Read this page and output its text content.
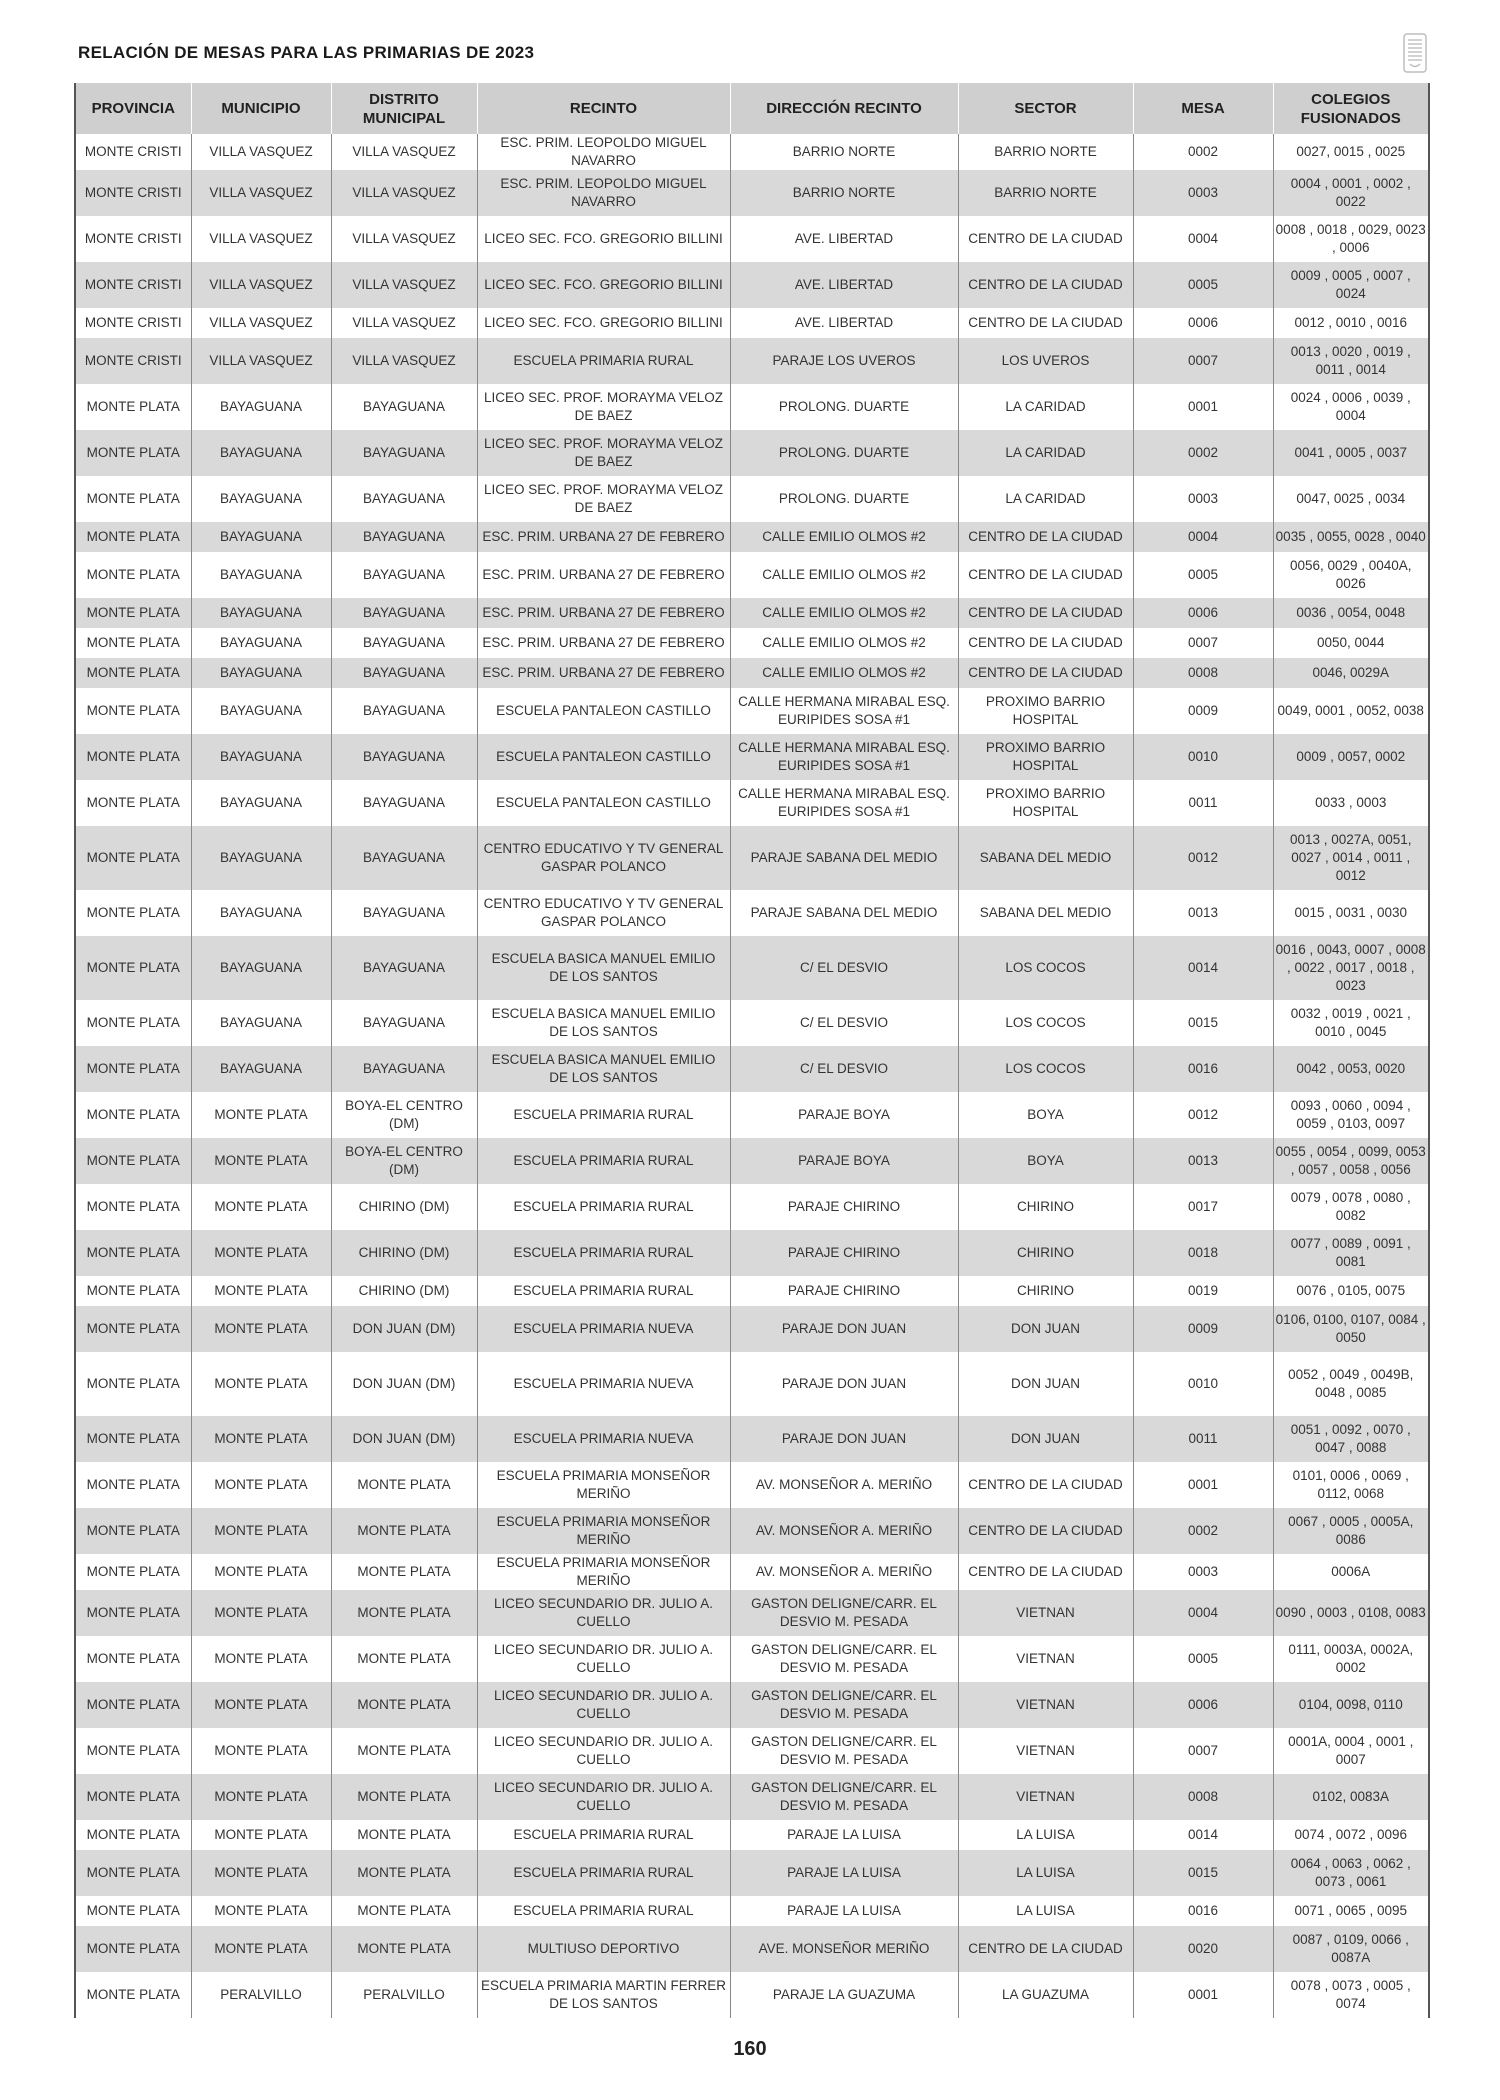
RELACIÓN DE MESAS PARA LAS PRIMARIAS DE 2023
PROVINCIA	MUNICIPIO	DISTRITO MUNICIPAL	RECINTO	DIRECCIÓN RECINTO	SECTOR	MESA	COLEGIOS FUSIONADOS
MONTE CRISTI	VILLA VASQUEZ	VILLA VASQUEZ	ESC. PRIM. LEOPOLDO MIGUEL NAVARRO	BARRIO NORTE	BARRIO NORTE	0002	0027, 0015 , 0025
MONTE CRISTI	VILLA VASQUEZ	VILLA VASQUEZ	ESC. PRIM. LEOPOLDO MIGUEL NAVARRO	BARRIO NORTE	BARRIO NORTE	0003	0004 , 0001 , 0002 , 0022
MONTE CRISTI	VILLA VASQUEZ	VILLA VASQUEZ	LICEO SEC. FCO. GREGORIO BILLINI	AVE. LIBERTAD	CENTRO DE LA CIUDAD	0004	0008 , 0018 , 0029, 0023 , 0006
MONTE CRISTI	VILLA VASQUEZ	VILLA VASQUEZ	LICEO SEC. FCO. GREGORIO BILLINI	AVE. LIBERTAD	CENTRO DE LA CIUDAD	0005	0009 , 0005 , 0007 , 0024
MONTE CRISTI	VILLA VASQUEZ	VILLA VASQUEZ	LICEO SEC. FCO. GREGORIO BILLINI	AVE. LIBERTAD	CENTRO DE LA CIUDAD	0006	0012 , 0010 , 0016
MONTE CRISTI	VILLA VASQUEZ	VILLA VASQUEZ	ESCUELA PRIMARIA RURAL	PARAJE LOS UVEROS	LOS UVEROS	0007	0013 , 0020 , 0019 , 0011 , 0014
MONTE PLATA	BAYAGUANA	BAYAGUANA	LICEO SEC. PROF. MORAYMA VELOZ DE BAEZ	PROLONG. DUARTE	LA CARIDAD	0001	0024 , 0006 , 0039 , 0004
MONTE PLATA	BAYAGUANA	BAYAGUANA	LICEO SEC. PROF. MORAYMA VELOZ DE BAEZ	PROLONG. DUARTE	LA CARIDAD	0002	0041 , 0005 , 0037
MONTE PLATA	BAYAGUANA	BAYAGUANA	LICEO SEC. PROF. MORAYMA VELOZ DE BAEZ	PROLONG. DUARTE	LA CARIDAD	0003	0047, 0025 , 0034
MONTE PLATA	BAYAGUANA	BAYAGUANA	ESC. PRIM. URBANA 27 DE FEBRERO	CALLE EMILIO OLMOS #2	CENTRO DE LA CIUDAD	0004	0035 , 0055, 0028 , 0040
MONTE PLATA	BAYAGUANA	BAYAGUANA	ESC. PRIM. URBANA 27 DE FEBRERO	CALLE EMILIO OLMOS #2	CENTRO DE LA CIUDAD	0005	0056, 0029 , 0040A, 0026
MONTE PLATA	BAYAGUANA	BAYAGUANA	ESC. PRIM. URBANA 27 DE FEBRERO	CALLE EMILIO OLMOS #2	CENTRO DE LA CIUDAD	0006	0036 , 0054, 0048
MONTE PLATA	BAYAGUANA	BAYAGUANA	ESC. PRIM. URBANA 27 DE FEBRERO	CALLE EMILIO OLMOS #2	CENTRO DE LA CIUDAD	0007	0050, 0044
MONTE PLATA	BAYAGUANA	BAYAGUANA	ESC. PRIM. URBANA 27 DE FEBRERO	CALLE EMILIO OLMOS #2	CENTRO DE LA CIUDAD	0008	0046, 0029A
MONTE PLATA	BAYAGUANA	BAYAGUANA	ESCUELA PANTALEON CASTILLO	CALLE HERMANA MIRABAL ESQ. EURIPIDES SOSA #1	PROXIMO BARRIO HOSPITAL	0009	0049, 0001 , 0052, 0038
MONTE PLATA	BAYAGUANA	BAYAGUANA	ESCUELA PANTALEON CASTILLO	CALLE HERMANA MIRABAL ESQ. EURIPIDES SOSA #1	PROXIMO BARRIO HOSPITAL	0010	0009 , 0057, 0002
MONTE PLATA	BAYAGUANA	BAYAGUANA	ESCUELA PANTALEON CASTILLO	CALLE HERMANA MIRABAL ESQ. EURIPIDES SOSA #1	PROXIMO BARRIO HOSPITAL	0011	0033 , 0003
MONTE PLATA	BAYAGUANA	BAYAGUANA	CENTRO EDUCATIVO Y TV GENERAL GASPAR POLANCO	PARAJE SABANA DEL MEDIO	SABANA DEL MEDIO	0012	0013 , 0027A, 0051, 0027 , 0014 , 0011 , 0012
MONTE PLATA	BAYAGUANA	BAYAGUANA	CENTRO EDUCATIVO Y TV GENERAL GASPAR POLANCO	PARAJE SABANA DEL MEDIO	SABANA DEL MEDIO	0013	0015 , 0031 , 0030
MONTE PLATA	BAYAGUANA	BAYAGUANA	ESCUELA BASICA MANUEL EMILIO DE LOS SANTOS	C/ EL DESVIO	LOS COCOS	0014	0016 , 0043, 0007 , 0008 , 0022 , 0017 , 0018 , 0023
MONTE PLATA	BAYAGUANA	BAYAGUANA	ESCUELA BASICA MANUEL EMILIO DE LOS SANTOS	C/ EL DESVIO	LOS COCOS	0015	0032 , 0019 , 0021 , 0010 , 0045
MONTE PLATA	BAYAGUANA	BAYAGUANA	ESCUELA BASICA MANUEL EMILIO DE LOS SANTOS	C/ EL DESVIO	LOS COCOS	0016	0042 , 0053, 0020
MONTE PLATA	MONTE PLATA	BOYA-EL CENTRO (DM)	ESCUELA PRIMARIA RURAL	PARAJE BOYA	BOYA	0012	0093 , 0060 , 0094 , 0059 , 0103, 0097
MONTE PLATA	MONTE PLATA	BOYA-EL CENTRO (DM)	ESCUELA PRIMARIA RURAL	PARAJE BOYA	BOYA	0013	0055 , 0054 , 0099, 0053 , 0057 , 0058 , 0056
MONTE PLATA	MONTE PLATA	CHIRINO (DM)	ESCUELA PRIMARIA RURAL	PARAJE CHIRINO	CHIRINO	0017	0079 , 0078 , 0080 , 0082
MONTE PLATA	MONTE PLATA	CHIRINO (DM)	ESCUELA PRIMARIA RURAL	PARAJE CHIRINO	CHIRINO	0018	0077 , 0089 , 0091 , 0081
MONTE PLATA	MONTE PLATA	CHIRINO (DM)	ESCUELA PRIMARIA RURAL	PARAJE CHIRINO	CHIRINO	0019	0076 , 0105, 0075
MONTE PLATA	MONTE PLATA	DON JUAN (DM)	ESCUELA PRIMARIA NUEVA	PARAJE DON JUAN	DON JUAN	0009	0106, 0100, 0107, 0084 , 0050
MONTE PLATA	MONTE PLATA	DON JUAN (DM)	ESCUELA PRIMARIA NUEVA	PARAJE DON JUAN	DON JUAN	0010	0052 , 0049 , 0049B, 0048 , 0085
MONTE PLATA	MONTE PLATA	DON JUAN (DM)	ESCUELA PRIMARIA NUEVA	PARAJE DON JUAN	DON JUAN	0011	0051 , 0092 , 0070 , 0047 , 0088
MONTE PLATA	MONTE PLATA	MONTE PLATA	ESCUELA PRIMARIA MONSEÑOR MERIÑO	AV. MONSEÑOR A. MERIÑO	CENTRO DE LA CIUDAD	0001	0101, 0006 , 0069 , 0112, 0068
MONTE PLATA	MONTE PLATA	MONTE PLATA	ESCUELA PRIMARIA MONSEÑOR MERIÑO	AV. MONSEÑOR A. MERIÑO	CENTRO DE LA CIUDAD	0002	0067 , 0005 , 0005A, 0086
MONTE PLATA	MONTE PLATA	MONTE PLATA	ESCUELA PRIMARIA MONSEÑOR MERIÑO	AV. MONSEÑOR A. MERIÑO	CENTRO DE LA CIUDAD	0003	0006A
MONTE PLATA	MONTE PLATA	MONTE PLATA	LICEO SECUNDARIO DR. JULIO A. CUELLO	GASTON DELIGNE/CARR. EL DESVIO M. PESADA	VIETNAN	0004	0090 , 0003 , 0108, 0083
MONTE PLATA	MONTE PLATA	MONTE PLATA	LICEO SECUNDARIO DR. JULIO A. CUELLO	GASTON DELIGNE/CARR. EL DESVIO M. PESADA	VIETNAN	0005	0111, 0003A, 0002A, 0002
MONTE PLATA	MONTE PLATA	MONTE PLATA	LICEO SECUNDARIO DR. JULIO A. CUELLO	GASTON DELIGNE/CARR. EL DESVIO M. PESADA	VIETNAN	0006	0104, 0098, 0110
MONTE PLATA	MONTE PLATA	MONTE PLATA	LICEO SECUNDARIO DR. JULIO A. CUELLO	GASTON DELIGNE/CARR. EL DESVIO M. PESADA	VIETNAN	0007	0001A, 0004 , 0001 , 0007
MONTE PLATA	MONTE PLATA	MONTE PLATA	LICEO SECUNDARIO DR. JULIO A. CUELLO	GASTON DELIGNE/CARR. EL DESVIO M. PESADA	VIETNAN	0008	0102, 0083A
MONTE PLATA	MONTE PLATA	MONTE PLATA	ESCUELA PRIMARIA RURAL	PARAJE LA LUISA	LA LUISA	0014	0074 , 0072 , 0096
MONTE PLATA	MONTE PLATA	MONTE PLATA	ESCUELA PRIMARIA RURAL	PARAJE LA LUISA	LA LUISA	0015	0064 , 0063 , 0062 , 0073 , 0061
MONTE PLATA	MONTE PLATA	MONTE PLATA	ESCUELA PRIMARIA RURAL	PARAJE LA LUISA	LA LUISA	0016	0071 , 0065 , 0095
MONTE PLATA	MONTE PLATA	MONTE PLATA	MULTIUSO DEPORTIVO	AVE. MONSEÑOR MERIÑO	CENTRO DE LA CIUDAD	0020	0087 , 0109, 0066 , 0087A
MONTE PLATA	PERALVILLO	PERALVILLO	ESCUELA PRIMARIA MARTIN FERRER DE LOS SANTOS	PARAJE LA GUAZUMA	LA GUAZUMA	0001	0078 , 0073 , 0005 , 0074
160
